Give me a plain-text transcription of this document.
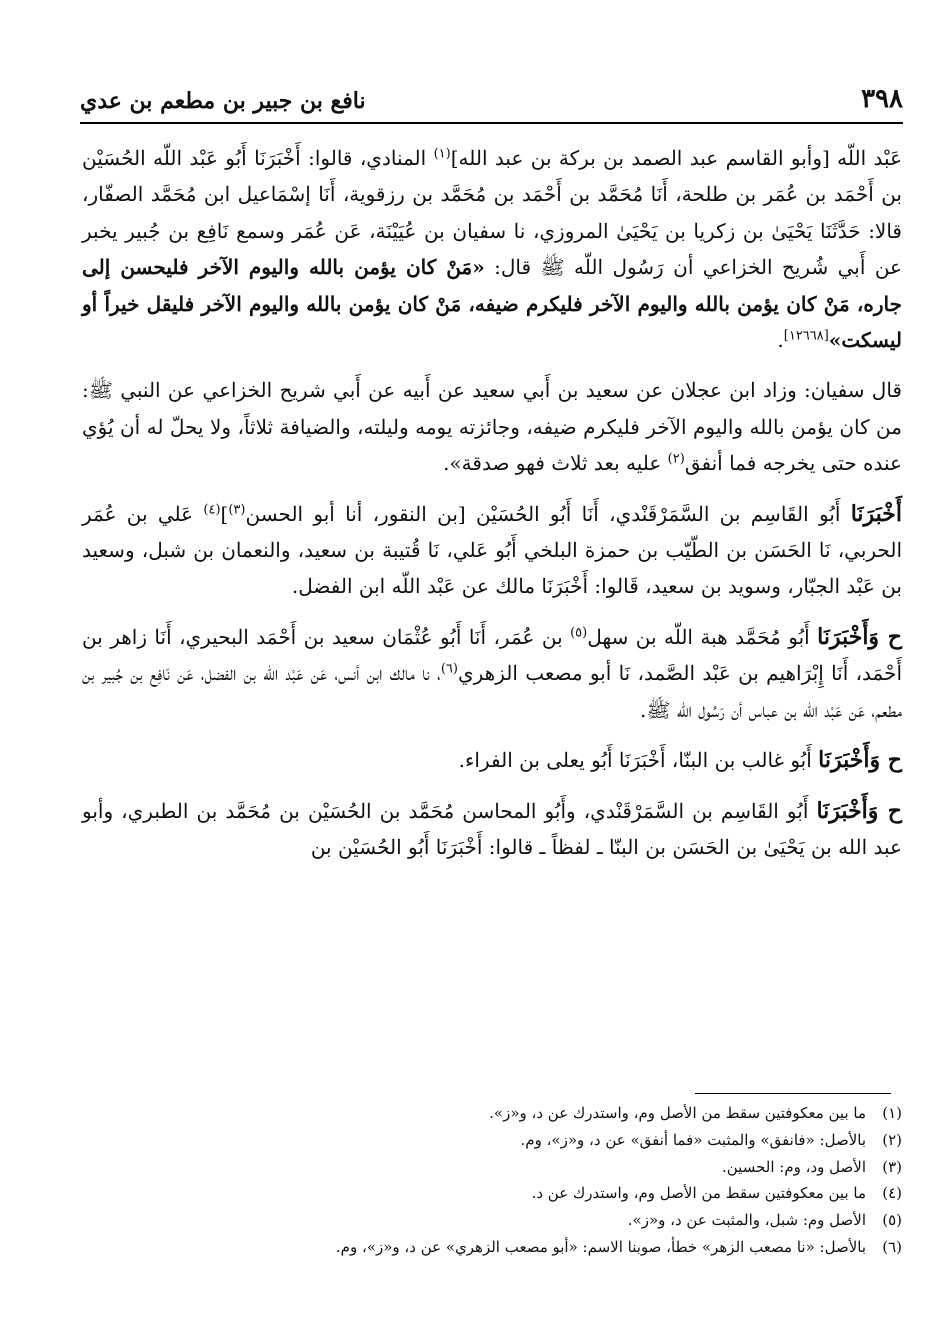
٣٩٨
نافع بن جبير بن مطعم بن عدي

عَبْد اللّه [وأبو القاسم عبد الصمد بن بركة بن عبد الله]$^{(١)}$ المنادي، قالوا: أَخْبَرَنَا أَبُو عَبْد اللّه الحُسَيْن بن أَحْمَد بن عُمَر بن طلحة، أَنَا مُحَمَّد بن أَحْمَد بن مُحَمَّد بن رزقوية، أَنَا إسْمَاعيل ابن مُحَمَّد الصفّار، قالا: حَدَّثَنَا يَحْيَىٰ بن زكريا بن يَحْيَىٰ المروزي، نا سفيان بن عُيَيْنَة، عَن عُمَر وسمع نَافِع بن جُبير يخبر عن أَبي شُريح الخزاعي أن رَسُول اللّه ﷺ قال: «مَنْ كان يؤمن بالله واليوم الآخر فليحسن إلى جاره، مَنْ كان يؤمن بالله واليوم الآخر فليكرم ضيفه، مَنْ كان يؤمن بالله واليوم الآخر فليقل خيراً أو ليسكت»[١٢٦٦٨].

قال سفيان: وزاد ابن عجلان عن سعيد بن أَبي سعيد عن أَبيه عن أَبي شريح الخزاعي عن النبي ﷺ: من كان يؤمن بالله واليوم الآخر فليكرم ضيفه، وجائزته يومه وليلته، والضيافة ثلاثاً، ولا يحلّ له أن يُؤي عنده حتى يخرجه فما أنفق$^{(٢)}$ عليه بعد ثلاث فهو صدقة».

أَخْبَرَنَا أَبُو القَاسِم بن السَّمَرْقَنْدي، أَنَا أَبُو الحُسَيْن [بن النقور، أنا أبو الحسن$^{(٣)}$]$^{(٤)}$ عَلي بن عُمَر الحربي، نَا الحَسَن بن الطّيّب بن حمزة البلخي أَبُو عَلي، نَا قُتيبة بن سعيد، والنعمان بن شبل، وسعيد بن عَبْد الجبّار، وسويد بن سعيد، قَالوا: أَخْبَرَنَا مالك عن عَبْد اللّه ابن الفضل.

ح وَأَخْبَرَنَا أَبُو مُحَمَّد هبة اللّه بن سهل$^{(٥)}$ بن عُمَر، أَنَا أَبُو عُثْمَان سعيد بن أَحْمَد البحيري، أَنَا زاهر بن أَحْمَد، أَنَا إِبْرَاهيم بن عَبْد الصَّمد، نَا أبو مصعب الزهري$^{(٦)}$، نا مالك ابن أنس، عَن عَبْد اللّه بن الفضل، عَن نَافِع بن جُبير بن مطعم، عَن عَبْد اللّه بن عباس أن رَسُول اللّه ﷺ.

ح وَأَخْبَرَنَا أَبُو غالب بن البنّا، أَخْبَرَنَا أَبُو يعلى بن الفراء.

ح وَأَخْبَرَنَا أَبُو القَاسِم بن السَّمَرْقَنْدي، وأَبُو المحاسن مُحَمَّد بن الحُسَيْن بن مُحَمَّد بن الطبري، وأبو عبد الله بن يَحْيَىٰ بن الحَسَن بن البنّا ـ لفظاً ـ قالوا: أَخْبَرَنَا أَبُو الحُسَيْن بن

(١)
ما بين معكوفتين سقط من الأصل وم، واستدرك عن د، و«ز».
(٢)
بالأصل: «فانفق» والمثبت «فما أنفق» عن د، و«ز»، وم.
(٣)
الأصل ود، وم: الحسين.
(٤)
ما بين معكوفتين سقط من الأصل وم، واستدرك عن د.
(٥)
الأصل وم: شبل، والمثبت عن د، و«ز».
(٦)
بالأصل: «نا مصعب الزهر» خطأ، صوبنا الاسم: «أبو مصعب الزهري» عن د، و«ز»، وم.
